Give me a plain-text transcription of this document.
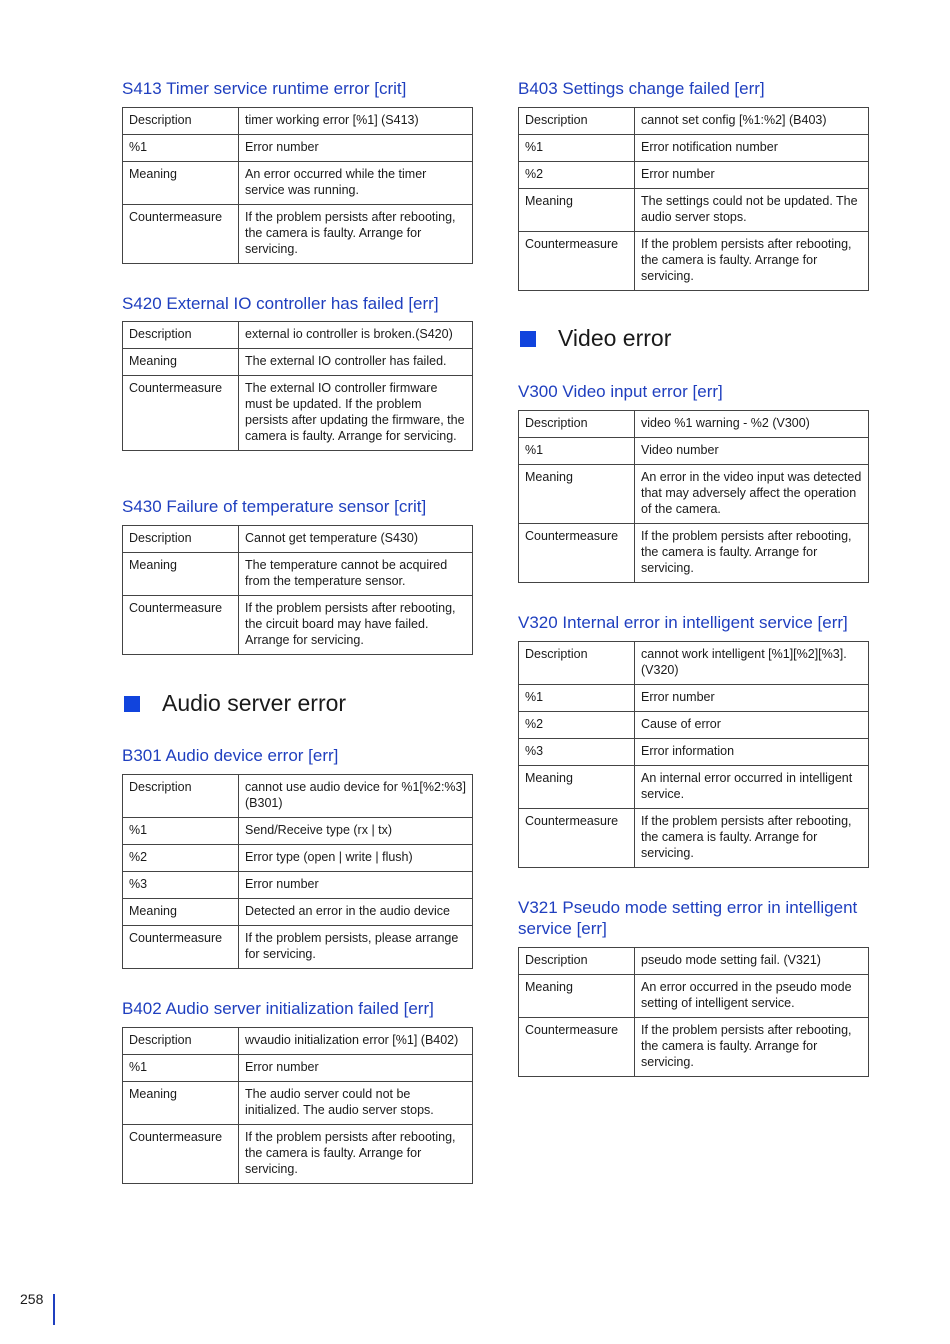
S413 Timer service runtime error [crit]
Description	timer working error [%1] (S413)
%1	Error number
Meaning	An error occurred while the timer service was running.
Countermeasure	If the problem persists after rebooting, the camera is faulty. Arrange for servicing.
S420 External IO controller has failed [err]
Description	external io controller is broken.(S420)
Meaning	The external IO controller has failed.
Countermeasure	The external IO controller firmware must be updated. If the problem persists after updating the firmware, the camera is faulty. Arrange for servicing.
S430 Failure of temperature sensor [crit]
Description	Cannot get temperature (S430)
Meaning	The temperature cannot be acquired from the temperature sensor.
Countermeasure	If the problem persists after rebooting, the circuit board may have failed. Arrange for servicing.
Audio server error
B301 Audio device error [err]
Description	cannot use audio device for %1[%2:%3] (B301)
%1	Send/Receive type (rx | tx)
%2	Error type (open | write | flush)
%3	Error number
Meaning	Detected an error in the audio device
Countermeasure	If the problem persists, please arrange for servicing.
B402 Audio server initialization failed [err]
Description	wvaudio initialization error [%1] (B402)
%1	Error number
Meaning	The audio server could not be initialized. The audio server stops.
Countermeasure	If the problem persists after rebooting, the camera is faulty. Arrange for servicing.
B403 Settings change failed [err]
Description	cannot set config [%1:%2] (B403)
%1	Error notification number
%2	Error number
Meaning	The settings could not be updated. The audio server stops.
Countermeasure	If the problem persists after rebooting, the camera is faulty. Arrange for servicing.
Video error
V300 Video input error [err]
Description	video %1 warning - %2 (V300)
%1	Video number
Meaning	An error in the video input was detected that may adversely affect the operation of the camera.
Countermeasure	If the problem persists after rebooting, the camera is faulty. Arrange for servicing.
V320 Internal error in intelligent service [err]
Description	cannot work intelligent [%1][%2][%3]. (V320)
%1	Error number
%2	Cause of error
%3	Error information
Meaning	An internal error occurred in intelligent service.
Countermeasure	If the problem persists after rebooting, the camera is faulty. Arrange for servicing.
V321 Pseudo mode setting error in intelligent service [err]
Description	pseudo mode setting fail. (V321)
Meaning	An error occurred in the pseudo mode setting of intelligent service.
Countermeasure	If the problem persists after rebooting, the camera is faulty. Arrange for servicing.
258
